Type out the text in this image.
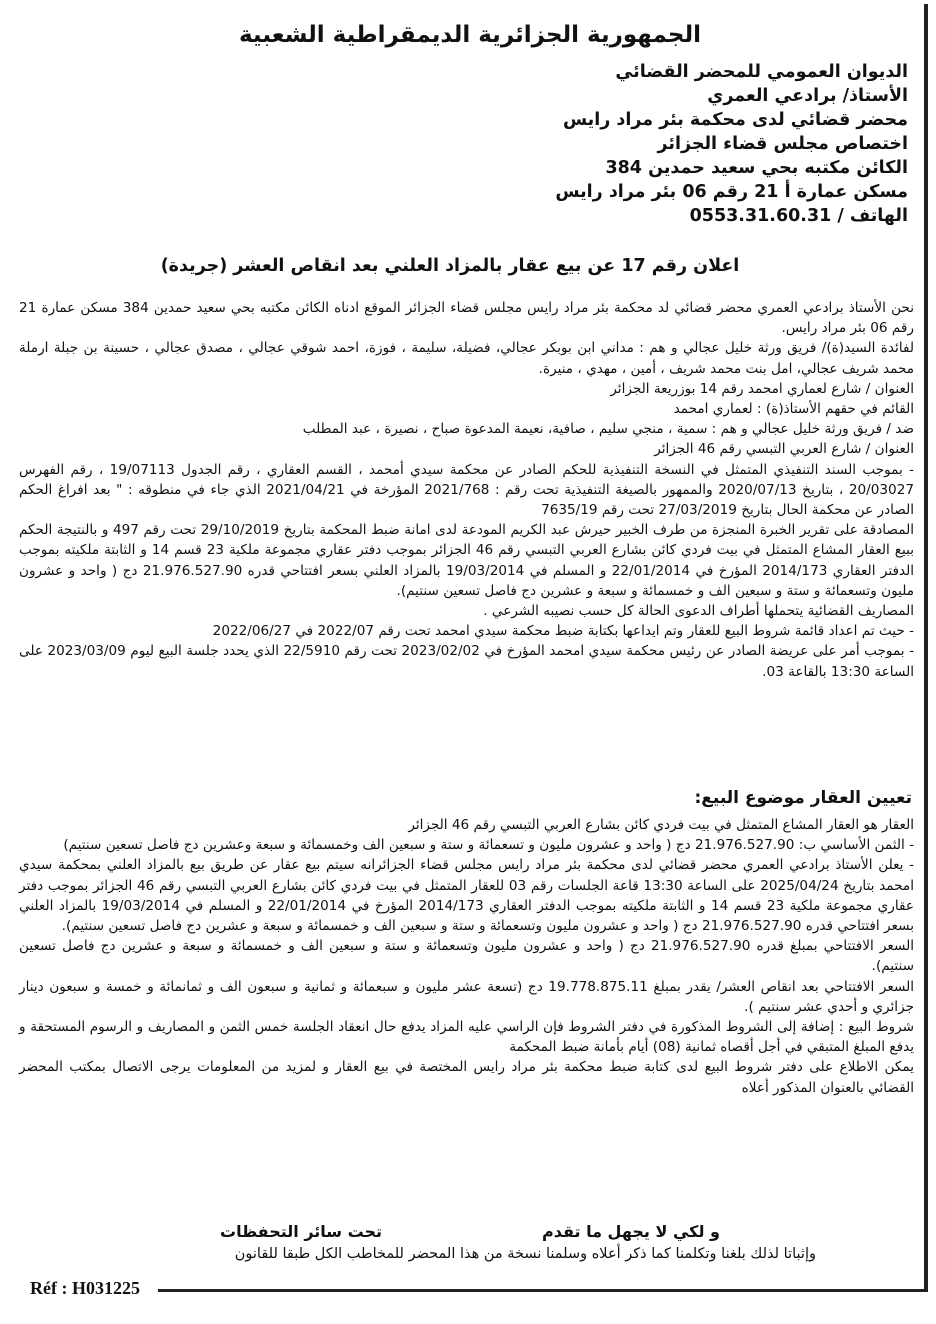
الجمهورية الجزائرية الديمقراطية الشعبية
الديوان العمومي للمحضر القضائي
الأستاذ/ برادعي العمري
محضر قضائي لدى محكمة بئر مراد رايس
اختصاص مجلس قضاء الجزائر
الكائن مكتبه بحي سعيد حمدين 384
مسكن عمارة أ 21 رقم 06 بئر مراد رايس
الهاتف / 0553.31.60.31
اعلان رقم 17 عن بيع عقار بالمزاد العلني بعد انقاص العشر (جريدة)

نحن الأستاذ برادعي العمري محضر قضائي لد محكمة بئر مراد رايس مجلس قضاء الجزائر الموقع ادناه الكائن مكتبه بحي سعيد حمدين 384 مسكن عمارة 21 رقم 06 بئر مراد رايس.

لفائدة السيد(ة)/ فريق ورثة خليل عجالي و هم : مداني ابن بوبكر عجالي، فضيلة، سليمة ، فوزة، احمد شوقي عجالي ، مصدق عجالي ، حسينة بن جبلة ارملة محمد شريف عجالي، امل بنت محمد شريف ، أمين ، مهدي ، منيرة.

العنوان / شارع لعماري امحمد رقم 14 بوزريعة الجزائر

القائم في حقهم الأستاذ(ة) : لعماري امحمد

ضد / فريق ورثة خليل عجالي و هم : سمية ، منجي سليم ، صافية، نعيمة المدعوة صباح ، نصيرة ، عبد المطلب

العنوان / شارع العربي التبسي رقم 46 الجزائر

- بموجب السند التنفيذي المتمثل في النسخة التنفيذية للحكم الصادر عن محكمة سيدي أمحمد ، القسم العقاري ، رقم الجدول 19/07113 ، رقم الفهرس 20/03027 ، بتاريخ 2020/07/13 والممهور بالصيغة التنفيذية تحت رقم : 2021/768 المؤرخة في 2021/04/21 الذي جاء في منطوقه : " بعد افراغ الحكم الصادر عن محكمة الحال بتاريخ 27/03/2019 تحت رقم 7635/19

المصادقة على تقرير الخبرة المنجزة من طرف الخبير حيرش عبد الكريم المودعة لدى امانة ضبط المحكمة بتاريخ 29/10/2019 تحت رقم 497 و بالنتيجة الحكم ببيع العقار المشاع المتمثل في بيت فردي كائن بشارع العربي التبسي رقم 46 الجزائر بموجب دفتر عقاري مجموعة ملكية 23 قسم 14 و الثابتة ملكيته بموجب الدفتر العقاري 2014/173 المؤرخ في 22/01/2014 و المسلم في 19/03/2014 بالمزاد العلني بسعر افتتاحي قدره 21.976.527.90 دج ( واحد و عشرون مليون وتسعمائة و ستة و سبعين الف و خمسمائة و سبعة و عشرين دج فاصل تسعين سنتيم).

المصاريف القضائية يتحملها أطراف الدعوى الحالة كل حسب نصيبه الشرعي .

- حيث تم اعداد قائمة شروط البيع للعقار وتم ايداعها بكتابة ضبط محكمة سيدي امحمد تحت رقم 2022/07 في 2022/06/27

- بموجب أمر على عريضة الصادر عن رئيس محكمة سيدي امحمد المؤرخ في 2023/02/02 تحت رقم 22/5910 الذي يحدد جلسة البيع ليوم 2023/03/09 على الساعة 13:30 بالقاعة 03.

تعيين العقار موضوع البيع:

العقار هو العقار المشاع المتمثل في بيت فردي كائن بشارع العربي التبسي رقم 46 الجزائر

- الثمن الأساسي ب: 21.976.527.90 دج ( واحد و عشرون مليون و تسعمائة و ستة و سبعين الف وخمسمائة و سبعة وعشرين دج فاصل تسعين سنتيم)

- يعلن الأستاذ برادعي العمري محضر قضائي لدى محكمة بئر مراد رايس مجلس قضاء الجزائرانه سيتم بيع عقار عن طريق بيع بالمزاد العلني بمحكمة سيدي امحمد بتاريخ 2025/04/24 على الساعة 13:30 قاعة الجلسات رقم 03 للعقار المتمثل في بيت فردي كائن بشارع العربي التبسي رقم 46 الجزائر بموجب دفتر عقاري مجموعة ملكية 23 قسم 14 و الثابتة ملكيته بموجب الدفتر العقاري 2014/173 المؤرخ في 22/01/2014 و المسلم في 19/03/2014 بالمزاد العلني بسعر افتتاحي قدره 21.976.527.90 دج ( واحد و عشرون مليون وتسعمائة و ستة و سبعين الف و خمسمائة و سبعة و عشرين دج فاصل تسعين سنتيم).

السعر الافتتاحي بمبلغ قدره 21.976.527.90 دج ( واحد و عشرون مليون وتسعمائة و ستة و سبعين الف و خمسمائة و سبعة و عشرين دج فاصل تسعين سنتيم).

السعر الافتتاحي بعد انقاص العشر/ يقدر بمبلغ 19.778.875.11 دج (تسعة عشر مليون و سبعمائة و ثمانية و سبعون الف و ثمانمائة و خمسة و سبعون دينار جزائري و أحدي عشر سنتيم ).

شروط البيع : إضافة إلى الشروط المذكورة في دفتر الشروط فإن الراسي عليه المزاد يدفع حال انعقاد الجلسة خمس الثمن و المصاريف و الرسوم المستحقة و يدفع المبلغ المتبقي في أجل أقصاه ثمانية (08) أيام بأمانة ضبط المحكمة

يمكن الاطلاع على دفتر شروط البيع لدى كتابة ضبط محكمة بئر مراد رايس المختصة في بيع العقار و لمزيد من المعلومات يرجى الاتصال بمكتب المحضر القضائي بالعنوان المذكور أعلاه

و لكي لا يجهل ما تقدم
تحت سائر التحفظات
وإثباتا لذلك بلغنا وتكلمنا كما ذكر أعلاه وسلمنا نسخة من هذا المحضر للمخاطب الكل طبقا للقانون
Réf : H031225
